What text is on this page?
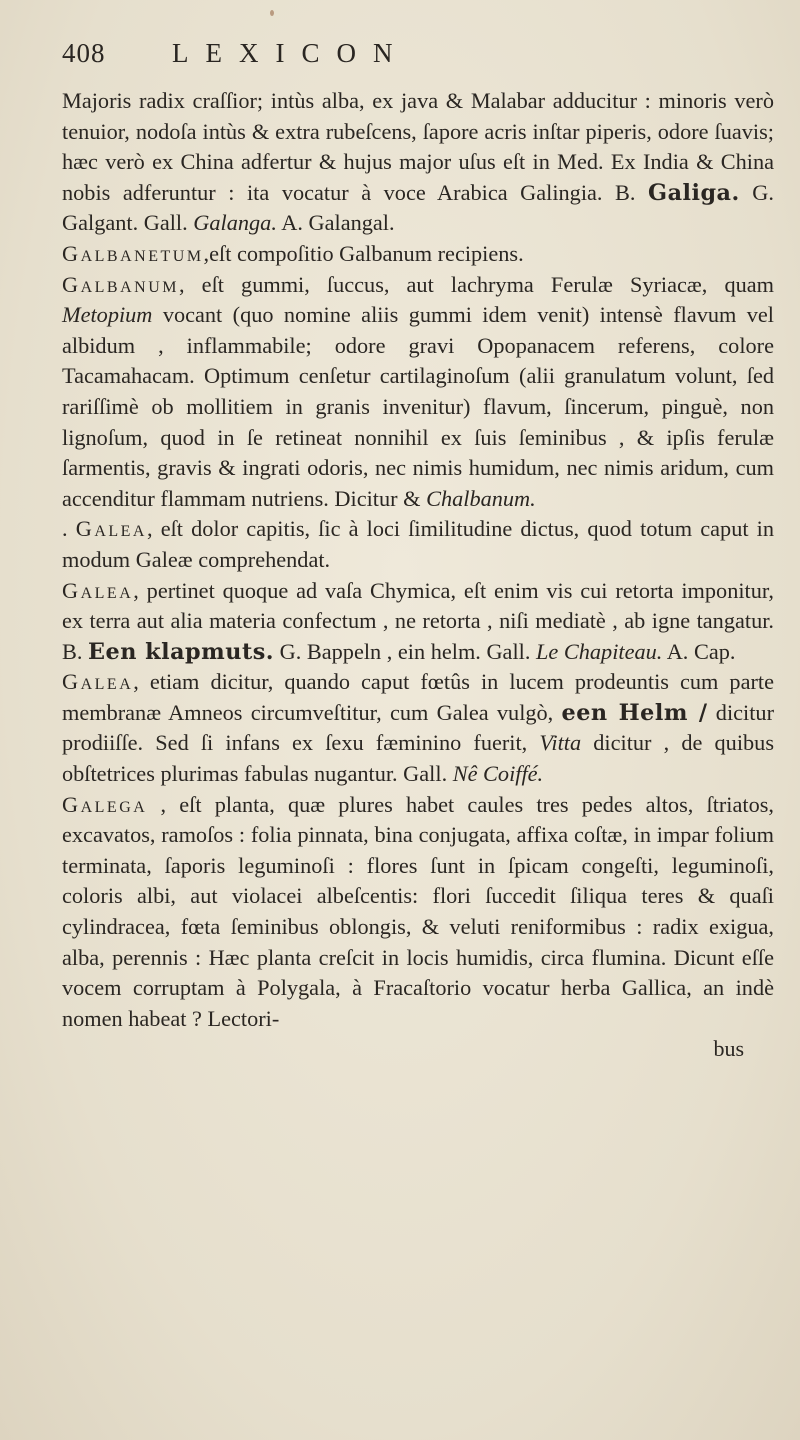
408	LEXICON

Majoris radix craſſior; intùs alba, ex java & Malabar adducitur : minoris verò tenuior, nodoſa intùs & extra rubeſcens, ſapore acris inſtar piperis, odore ſuavis; hæc verò ex China adfertur & hujus major uſus eſt in Med. Ex India & China nobis adferuntur : ita vocatur à voce Arabica Galingia. B. Galiga. G. Galgant. Gall. Galanga. A. Galangal.

Galbanetum,eſt compoſitio Galbanum recipiens.

Galbanum, eſt gummi, ſuccus, aut lachryma Ferulæ Syriacæ, quam Metopium vocant (quo nomine aliis gummi idem venit) intensè flavum vel albidum , inflammabile; odore gravi Opopanacem referens, colore Tacamahacam. Optimum cenſetur cartilaginoſum (alii granulatum volunt, ſed rariſſimè ob mollitiem in granis invenitur) flavum, ſincerum, pinguè, non lignoſum, quod in ſe retineat nonnihil ex ſuis ſeminibus , & ipſis ferulæ ſarmentis, gravis & ingrati odoris, nec nimis humidum, nec nimis aridum, cum accenditur flammam nutriens. Dicitur & Chalbanum.

. Galea, eſt dolor capitis, ſic à loci ſimilitudine dictus, quod totum caput in modum Galeæ comprehendat.

Galea, pertinet quoque ad vaſa Chymica, eſt enim vis cui retorta imponitur, ex terra aut alia materia confectum , ne retorta , niſi mediatè , ab igne tangatur. B. Een klapmuts. G. Bappeln , ein helm. Gall. Le Chapiteau. A. Cap.

Galea, etiam dicitur, quando caput fœtûs in lucem prodeuntis cum parte membranæ Amneos circumveſtitur, cum Galea vulgò, een Helm / dicitur prodiiſſe. Sed ſi infans ex ſexu fæminino fuerit, Vitta dicitur , de quibus obſtetrices plurimas fabulas nugantur. Gall. Nê Coiffé.

Galega , eſt planta, quæ plures habet caules tres pedes altos, ſtriatos, excavatos, ramoſos : folia pinnata, bina conjugata, affixa coſtæ, in impar folium terminata, ſaporis leguminoſi : flores ſunt in ſpicam congeſti, leguminoſi, coloris albi, aut violacei albeſcentis: flori ſuccedit ſiliqua teres & quaſi cylindracea, fœta ſeminibus oblongis, & veluti reniformibus : radix exigua, alba, perennis : Hæc planta creſcit in locis humidis, circa flumina. Dicunt eſſe vocem corruptam à Polygala, à Fracaſtorio vocatur herba Gallica, an indè nomen habeat ? Lectori-

bus
